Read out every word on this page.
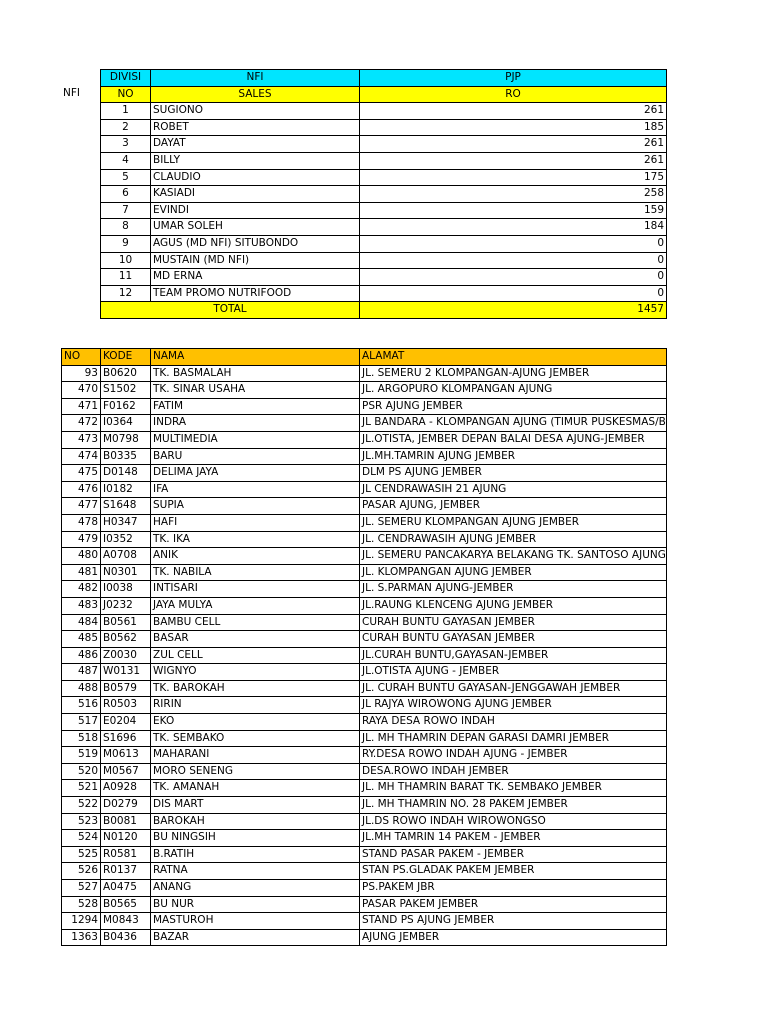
NFI
DIVISI	NFI	PJP
NO	SALES	RO
1	SUGIONO	261
2	ROBET	185
3	DAYAT	261
4	BILLY	261
5	CLAUDIO	175
6	KASIADI	258
7	EVINDI	159
8	UMAR SOLEH	184
9	AGUS (MD NFI) SITUBONDO	0
10	MUSTAIN (MD NFI)	0
11	MD ERNA	0
12	TEAM PROMO NUTRIFOOD	0
TOTAL		1457
NO	KODE	NAMA	ALAMAT
93	B0620	TK. BASMALAH	JL. SEMERU 2 KLOMPANGAN-AJUNG JEMBER
470	S1502	TK. SINAR USAHA	JL. ARGOPURO KLOMPANGAN AJUNG
471	F0162	FATIM	PSR AJUNG JEMBER
472	I0364	INDRA	JL BANDARA - KLOMPANGAN AJUNG (TIMUR PUSKESMAS/B
473	M0798	MULTIMEDIA	JL.OTISTA, JEMBER DEPAN BALAI DESA AJUNG-JEMBER
474	B0335	BARU	JL.MH.TAMRIN AJUNG JEMBER
475	D0148	DELIMA JAYA	DLM PS AJUNG JEMBER
476	I0182	IFA	JL CENDRAWASIH 21 AJUNG
477	S1648	SUPIA	PASAR AJUNG, JEMBER
478	H0347	HAFI	JL. SEMERU KLOMPANGAN AJUNG JEMBER
479	I0352	TK. IKA	JL. CENDRAWASIH AJUNG JEMBER
480	A0708	ANIK	JL. SEMERU PANCAKARYA BELAKANG TK. SANTOSO AJUNG
481	N0301	TK. NABILA	JL. KLOMPANGAN AJUNG JEMBER
482	I0038	INTISARI	JL. S.PARMAN AJUNG-JEMBER
483	J0232	JAYA MULYA	JL.RAUNG KLENCENG AJUNG JEMBER
484	B0561	BAMBU CELL	CURAH BUNTU GAYASAN JEMBER
485	B0562	BASAR	CURAH BUNTU GAYASAN JEMBER
486	Z0030	ZUL CELL	JL.CURAH BUNTU,GAYASAN-JEMBER
487	W0131	WIGNYO	JL.OTISTA AJUNG - JEMBER
488	B0579	TK. BAROKAH	JL. CURAH BUNTU GAYASAN-JENGGAWAH JEMBER
516	R0503	RIRIN	JL RAJYA WIROWONG AJUNG JEMBER
517	E0204	EKO	RAYA DESA ROWO INDAH
518	S1696	TK. SEMBAKO	JL. MH THAMRIN DEPAN GARASI DAMRI JEMBER
519	M0613	MAHARANI	RY.DESA ROWO INDAH AJUNG - JEMBER
520	M0567	MORO SENENG	DESA.ROWO INDAH JEMBER
521	A0928	TK. AMANAH	JL. MH THAMRIN BARAT TK. SEMBAKO JEMBER
522	D0279	DIS MART	JL. MH THAMRIN NO. 28 PAKEM JEMBER
523	B0081	BAROKAH	JL.DS ROWO INDAH WIROWONGSO
524	N0120	BU NINGSIH	JL.MH TAMRIN 14 PAKEM - JEMBER
525	R0581	B.RATIH	STAND PASAR PAKEM - JEMBER
526	R0137	RATNA	STAN PS.GLADAK PAKEM JEMBER
527	A0475	ANANG	PS.PAKEM JBR
528	B0565	BU NUR	PASAR PAKEM JEMBER
1294	M0843	MASTUROH	STAND PS AJUNG JEMBER
1363	B0436	BAZAR	AJUNG JEMBER
